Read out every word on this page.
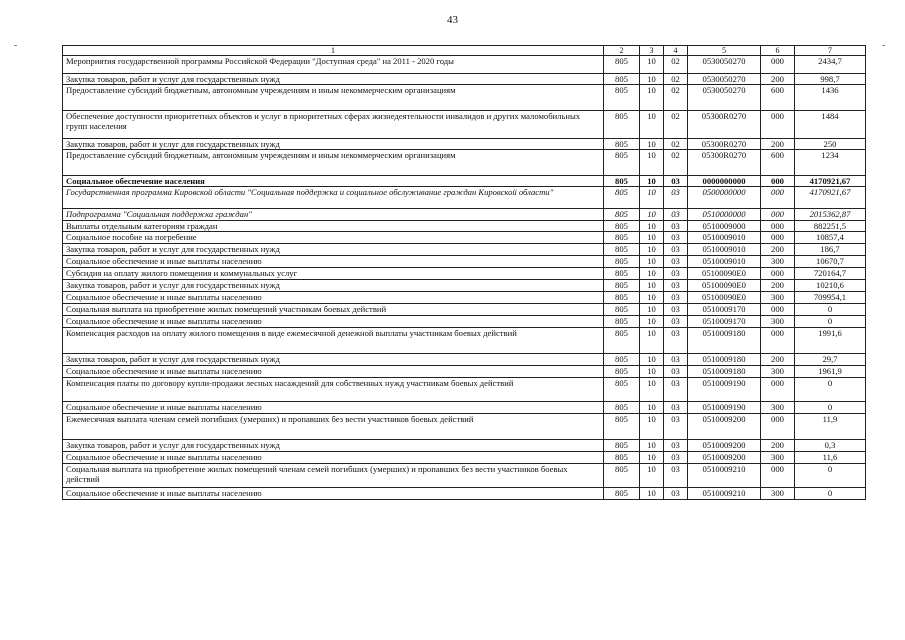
43
-	-
1	2	3	4	5	6	7
Мероприятия государственной программы Российской Федерации "Доступная среда" на 2011 - 2020 годы	805	10	02	0530050270	000	2434,7
Закупка товаров, работ и услуг для государственных нужд	805	10	02	0530050270	200	998,7
Предоставление субсидий бюджетным, автономным учреждениям и иным некоммерческим организациям	805	10	02	0530050270	600	1436
Обеспечение доступности приоритетных объектов и услуг в приоритетных сферах жизнедеятельности инвалидов и других маломобильных групп населения	805	10	02	05300R0270	000	1484
Закупка товаров, работ и услуг для государственных нужд	805	10	02	05300R0270	200	250
Предоставление субсидий бюджетным, автономным учреждениям и иным некоммерческим организациям	805	10	02	05300R0270	600	1234
Социальное обеспечение населения	805	10	03	0000000000	000	4170921,67
Государственная программа Кировской области "Социальная поддержка и социальное обслуживание граждан Кировской области"	805	10	03	0500000000	000	4170921,67
Подпрограмма "Социальная поддержка граждан"	805	10	03	0510000000	000	2015362,87
Выплаты отдельным категориям граждан	805	10	03	0510009000	000	882251,5
Социальное пособие на погребение	805	10	03	0510009010	000	10857,4
Закупка товаров, работ и услуг для государственных нужд	805	10	03	0510009010	200	186,7
Социальное обеспечение и иные выплаты населению	805	10	03	0510009010	300	10670,7
Субсидия на оплату жилого помещения и коммунальных услуг	805	10	03	05100090Е0	000	720164,7
Закупка товаров, работ и услуг для государственных нужд	805	10	03	05100090Е0	200	10210,6
Социальное обеспечение и иные выплаты населению	805	10	03	05100090Е0	300	709954,1
Социальная выплата на приобретение жилых помещений участникам боевых действий	805	10	03	0510009170	000	0
Социальное обеспечение и иные выплаты населению	805	10	03	0510009170	300	0
Компенсация расходов на оплату жилого помещения в виде ежемесячной денежной выплаты участникам боевых действий	805	10	03	0510009180	000	1991,6
Закупка товаров, работ и услуг для государственных нужд	805	10	03	0510009180	200	29,7
Социальное обеспечение и иные выплаты населению	805	10	03	0510009180	300	1961,9
Компенсация платы по договору купли-продажи лесных насаждений для собственных нужд участникам боевых действий	805	10	03	0510009190	000	0
Социальное обеспечение и иные выплаты населению	805	10	03	0510009190	300	0
Ежемесячная выплата членам семей погибших (умерших) и пропавших без вести участников боевых действий	805	10	03	0510009200	000	11,9
Закупка товаров, работ и услуг для государственных нужд	805	10	03	0510009200	200	0,3
Социальное обеспечение и иные выплаты населению	805	10	03	0510009200	300	11,6
Социальная выплата на приобретение жилых помещений членам семей погибших (умерших) и пропавших без вести участников боевых действий	805	10	03	0510009210	000	0
Социальное обеспечение и иные выплаты населению	805	10	03	0510009210	300	0
